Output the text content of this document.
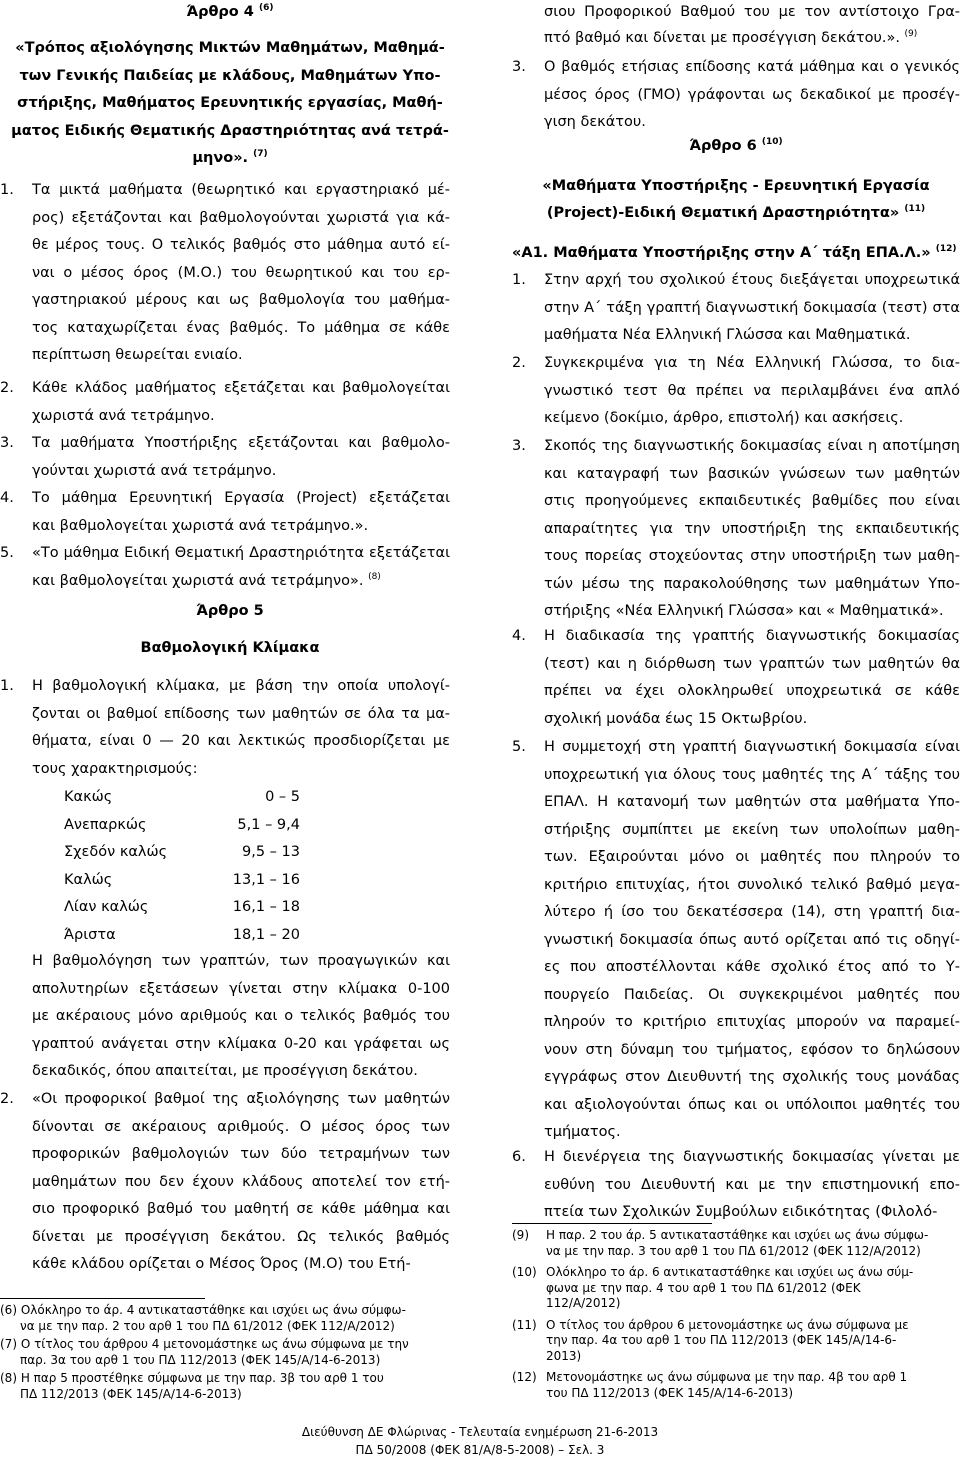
Άρθρο 4 $^{(6)}$
«Τρόπος αξιολόγησης Μικτών Μαθημάτων, Μαθημά-
των Γενικής Παιδείας με κλάδους, Μαθημάτων Υπο-
στήριξης, Μαθήματος Ερευνητικής εργασίας, Μαθή-
ματος Ειδικής Θεματικής Δραστηριότητας ανά τετρά-
μηνο». $^{(7)}$
1. Τα μικτά μαθήματα (θεωρητικό και εργαστηριακό μέ-
ρος) εξετάζονται και βαθμολογούνται χωριστά για κά-
θε μέρος τους. Ο τελικός βαθμός στο μάθημα αυτό εί-
ναι ο μέσος όρος (Μ.Ο.) του θεωρητικού και του ερ-
γαστηριακού μέρους και ως βαθμολογία του μαθήμα-
τος καταχωρίζεται ένας βαθμός. Το μάθημα σε κάθε
περίπτωση θεωρείται ενιαίο.
2. Κάθε κλάδος μαθήματος εξετάζεται και βαθμολογείται
χωριστά ανά τετράμηνο.
3. Τα μαθήματα Υποστήριξης εξετάζονται και βαθμολο-
γούνται χωριστά ανά τετράμηνο.
4. Το μάθημα Ερευνητική Εργασία (Project) εξετάζεται
και βαθμολογείται χωριστά ανά τετράμηνο.».
5. «Το μάθημα Ειδική Θεματική Δραστηριότητα εξετάζεται
και βαθμολογείται χωριστά ανά τετράμηνο». $^{(8)}$
Άρθρο 5
Βαθμολογική Κλίμακα
1. Η βαθμολογική κλίμακα, με βάση την οποία υπολογί-
ζονται οι βαθμοί επίδοσης των μαθητών σε όλα τα μα-
θήματα, είναι 0 — 20 και λεκτικώς προσδιορίζεται με
τους χαρακτηρισμούς:
Κακώς	0 – 5
Ανεπαρκώς	5,1 – 9,4
Σχεδόν καλώς	9,5 – 13
Καλώς	13,1 – 16
Λίαν καλώς	16,1 – 18
Άριστα	18,1 – 20
Η βαθμολόγηση των γραπτών, των προαγωγικών και
απολυτηρίων εξετάσεων γίνεται στην κλίμακα 0-100
με ακέραιους μόνο αριθμούς και ο τελικός βαθμός του
γραπτού ανάγεται στην κλίμακα 0-20 και γράφεται ως
δεκαδικός, όπου απαιτείται, με προσέγγιση δεκάτου.
2. «Οι προφορικοί βαθμοί της αξιολόγησης των μαθητών
δίνονται σε ακέραιους αριθμούς. Ο μέσος όρος των
προφορικών βαθμολογιών των δύο τετραμήνων των
μαθημάτων που δεν έχουν κλάδους αποτελεί τον ετή-
σιο προφορικό βαθμό του μαθητή σε κάθε μάθημα και
δίνεται με προσέγγιση δεκάτου. Ως τελικός βαθμός
κάθε κλάδου ορίζεται ο Μέσος Όρος (Μ.Ο) του Ετή-
(6) Ολόκληρο το άρ. 4 αντικαταστάθηκε και ισχύει ως άνω σύμφω-
να με την παρ. 2 του αρθ 1 του ΠΔ 61/2012 (ΦΕΚ 112/Α/2012)
(7) Ο τίτλος του άρθρου 4 μετονομάστηκε ως άνω σύμφωνα με την
παρ. 3α του αρθ 1 του ΠΔ 112/2013 (ΦΕΚ 145/Α/14-6-2013)
(8) Η παρ 5 προστέθηκε σύμφωνα με την παρ. 3β του αρθ 1 του
ΠΔ 112/2013 (ΦΕΚ 145/Α/14-6-2013)
σιου Προφορικού Βαθμού του με τον αντίστοιχο Γρα-
πτό βαθμό και δίνεται με προσέγγιση δεκάτου.». $^{(9)}$
3. Ο βαθμός ετήσιας επίδοσης κατά μάθημα και ο γενικός
μέσος όρος (ΓΜΟ) γράφονται ως δεκαδικοί με προσέγ-
γιση δεκάτου.
Άρθρο 6 $^{(10)}$
«Μαθήματα Υποστήριξης - Ερευνητική Εργασία
(Project)-Ειδική Θεματική Δραστηριότητα» $^{(11)}$
«Α1. Μαθήματα Υποστήριξης στην Α΄ τάξη ΕΠΑ.Λ.» $^{(12)}$
1. Στην αρχή του σχολικού έτους διεξάγεται υποχρεωτικά
στην Α΄ τάξη γραπτή διαγνωστική δοκιμασία (τεστ) στα
μαθήματα Νέα Ελληνική Γλώσσα και Μαθηματικά.
2. Συγκεκριμένα για τη Νέα Ελληνική Γλώσσα, το δια-
γνωστικό τεστ θα πρέπει να περιλαμβάνει ένα απλό
κείμενο (δοκίμιο, άρθρο, επιστολή) και ασκήσεις.
3. Σκοπός της διαγνωστικής δοκιμασίας είναι η αποτίμηση
και καταγραφή των βασικών γνώσεων των μαθητών
στις προηγούμενες εκπαιδευτικές βαθμίδες που είναι
απαραίτητες για την υποστήριξη της εκπαιδευτικής
τους πορείας στοχεύοντας στην υποστήριξη των μαθη-
τών μέσω της παρακολούθησης των μαθημάτων Υπο-
στήριξης «Νέα Ελληνική Γλώσσα» και « Μαθηματικά».
4. Η διαδικασία της γραπτής διαγνωστικής δοκιμασίας
(τεστ) και η διόρθωση των γραπτών των μαθητών θα
πρέπει να έχει ολοκληρωθεί υποχρεωτικά σε κάθε
σχολική μονάδα έως 15 Οκτωβρίου.
5. Η συμμετοχή στη γραπτή διαγνωστική δοκιμασία είναι
υποχρεωτική για όλους τους μαθητές της Α΄ τάξης του
ΕΠΑΛ. Η κατανομή των μαθητών στα μαθήματα Υπο-
στήριξης συμπίπτει με εκείνη των υπολοίπων μαθη-
των. Εξαιρούνται μόνο οι μαθητές που πληρούν το
κριτήριο επιτυχίας, ήτοι συνολικό τελικό βαθμό μεγα-
λύτερο ή ίσο του δεκατέσσερα (14), στη γραπτή δια-
γνωστική δοκιμασία όπως αυτό ορίζεται από τις οδηγί-
ες που αποστέλλονται κάθε σχολικό έτος από το Υ-
πουργείο Παιδείας. Οι συγκεκριμένοι μαθητές που
πληρούν το κριτήριο επιτυχίας μπορούν να παραμεί-
νουν στη δύναμη του τμήματος, εφόσον το δηλώσουν
εγγράφως στον Διευθυντή της σχολικής τους μονάδας
και αξιολογούνται όπως και οι υπόλοιποι μαθητές του
τμήματος.
6. Η διενέργεια της διαγνωστικής δοκιμασίας γίνεται με
ευθύνη του Διευθυντή και με την επιστημονική επο-
πτεία των Σχολικών Συμβούλων ειδικότητας (Φιλολό-
(9) Η παρ. 2 του άρ. 5 αντικαταστάθηκε και ισχύει ως άνω σύμφω-
να με την παρ. 3 του αρθ 1 του ΠΔ 61/2012 (ΦΕΚ 112/Α/2012)
(10) Ολόκληρο το άρ. 6 αντικαταστάθηκε και ισχύει ως άνω σύμ-
φωνα με την παρ. 4 του αρθ 1 του ΠΔ 61/2012 (ΦΕΚ
112/Α/2012)
(11) Ο τίτλος του άρθρου 6 μετονομάστηκε ως άνω σύμφωνα με
την παρ. 4α του αρθ 1 του ΠΔ 112/2013 (ΦΕΚ 145/Α/14-6-
2013)
(12) Μετονομάστηκε ως άνω σύμφωνα με την παρ. 4β του αρθ 1
του ΠΔ 112/2013 (ΦΕΚ 145/Α/14-6-2013)
Διεύθυνση ΔΕ Φλώρινας - Τελευταία ενημέρωση 21-6-2013
ΠΔ 50/2008 (ΦΕΚ 81/Α/8-5-2008) – Σελ. 3
